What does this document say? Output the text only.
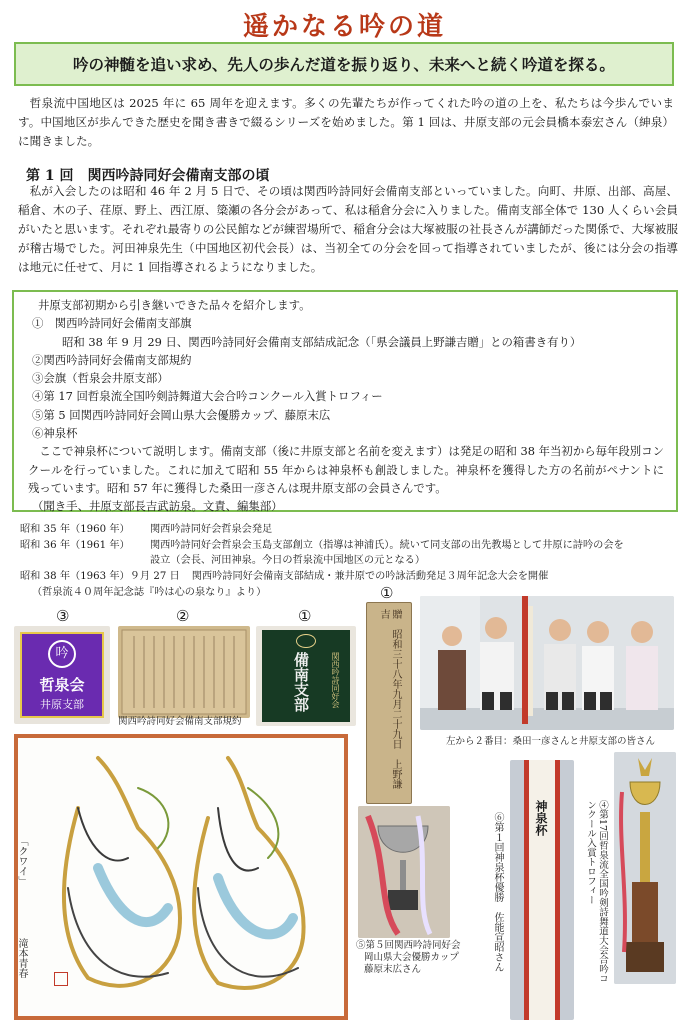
遥かなる吟の道
吟の神髄を追い求め、先人の歩んだ道を振り返り、未来へと続く吟道を探る。
哲泉流中国地区は 2025 年に 65 周年を迎えます。多くの先輩たちが作ってくれた吟の道の上を、私たちは今歩んでいます。中国地区が歩んできた歴史を聞き書きで綴るシリーズを始めました。第 1 回は、井原支部の元会員橋本泰宏さん（紳泉）に聞きました。
第 1 回　関西吟詩同好会備南支部の頃
私が入会したのは昭和 46 年 2 月 5 日で、その頃は関西吟詩同好会備南支部といっていました。向町、井原、出部、高屋、稲倉、木の子、荏原、野上、西江原、簗瀬の各分会があって、私は稲倉分会に入りました。備南支部全体で 130 人くらい会員がいたと思います。それぞれ最寄りの公民館などが練習場所で、稲倉分会は大塚被服の社長さんが講師だった関係で、大塚被服が稽古場でした。河田神泉先生（中国地区初代会長）は、当初全ての分会を回って指導されていましたが、後には分会の指導は地元に任せて、月に 1 回指導されるようになりました。
井原支部初期から引き継いできた品々を紹介します。
①　関西吟詩同好会備南支部旗
昭和 38 年 9 月 29 日、関西吟詩同好会備南支部結成記念（「県会議員上野謙吉贈」との箱書き有り）
②関西吟詩同好会備南支部規約
③会旗（哲泉会井原支部）
④第 17 回哲泉流全国吟剣詩舞道大会合吟コンクール入賞トロフィー
⑤第 5 回関西吟詩同好会岡山県大会優勝カップ、藤原末広
⑥神泉杯
ここで神泉杯について説明します。備南支部（後に井原支部と名前を変えます）は発足の昭和 38 年当初から毎年段別コンクールを行っていました。これに加えて昭和 55 年からは神泉杯も創設しました。神泉杯を獲得した方の名前がペナントに残っています。昭和 57 年に獲得した桑田一彦さんは現井原支部の会員さんです。
（聞き手、井原支部長吉武訪泉。文責、編集部）
昭和 35 年（1960 年）	関西吟詩同好会哲泉会発足
昭和 36 年（1961 年）	関西吟詩同好会哲泉会玉島支部創立（指導は神浦氏）。続いて同支部の出先教場として井原に詩吟の会を
設立（会長、河田神泉。今日の哲泉流中国地区の元となる）
昭和 38 年（1963 年）９月 27 日 関西吟詩同好会備南支部結成・兼井原での吟詠活動発足３周年記念大会を開催
（哲泉流４０周年記念誌『吟は心の泉なり』より）
③	②	①
①
吟
哲泉会
井原支部
関西吟詩同好会備南支部規約
備南支部	関西吟詩同好会	贈　昭和三十八年九月二十九日　上野謙吉
左から２番目：桑田一彦さんと井原支部の皆さん
「クワイ」
滝本青春	⑤第５回関西吟詩同好会
岡山県大会優勝カップ
藤原末広さん	⑥第１回神泉杯優勝　佐能宣昭さん	神泉杯	④第17回哲泉流全国吟剣詩舞道大会合吟コンクール入賞トロフィー
